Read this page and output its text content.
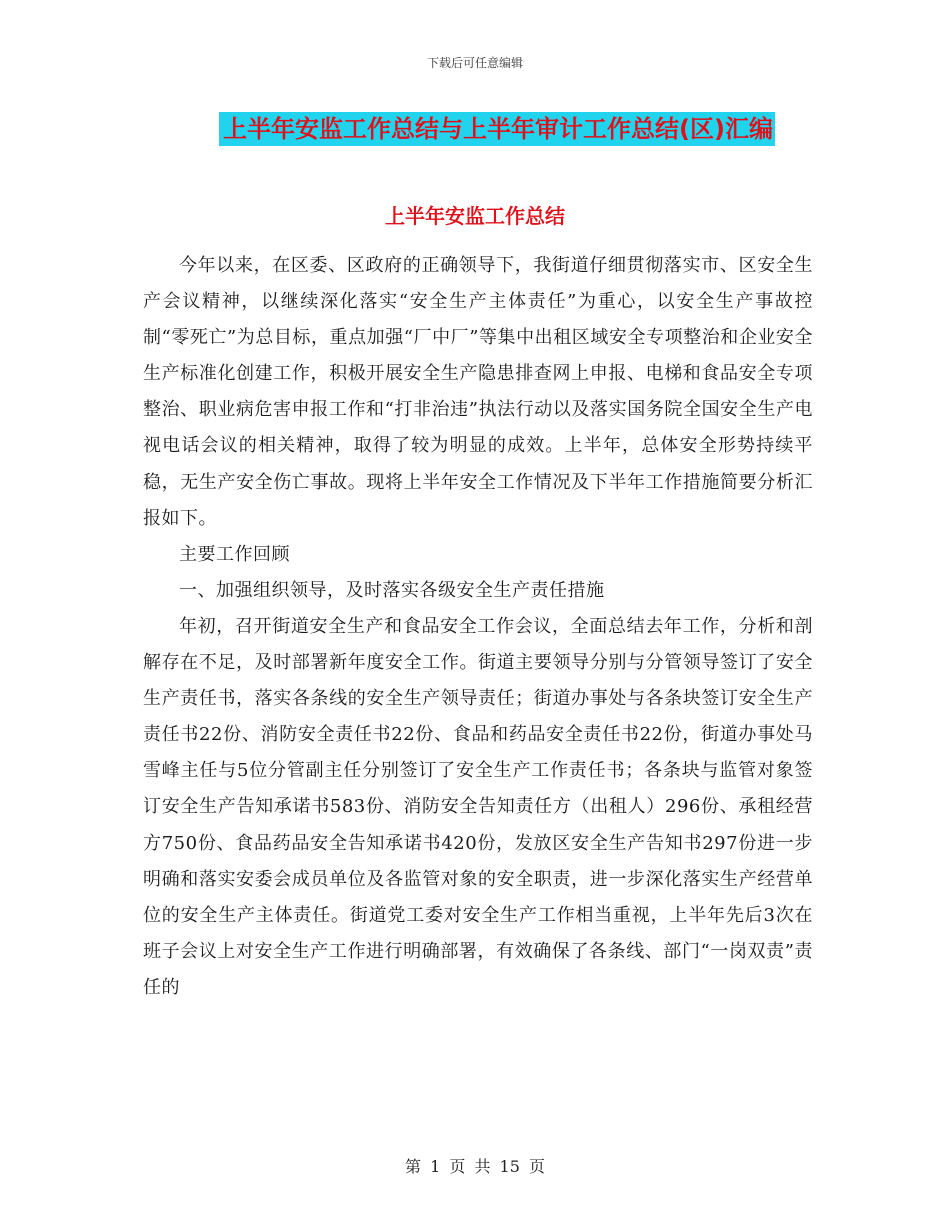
下载后可任意编辑
上半年安监工作总结与上半年审计工作总结(区)汇编
上半年安监工作总结

今年以来，在区委、区政府的正确领导下，我街道仔细贯彻落实市、区安全生产会议精神，以继续深化落实“安全生产主体责任”为重心，以安全生产事故控制“零死亡”为总目标，重点加强“厂中厂”等集中出租区域安全专项整治和企业安全生产标准化创建工作，积极开展安全生产隐患排查网上申报、电梯和食品安全专项整治、职业病危害申报工作和“打非治违”执法行动以及落实国务院全国安全生产电视电话会议的相关精神，取得了较为明显的成效。上半年，总体安全形势持续平稳，无生产安全伤亡事故。现将上半年安全工作情况及下半年工作措施简要分析汇报如下。

主要工作回顾

一、加强组织领导，及时落实各级安全生产责任措施

年初，召开街道安全生产和食品安全工作会议，全面总结去年工作，分析和剖解存在不足，及时部署新年度安全工作。街道主要领导分别与分管领导签订了安全生产责任书，落实各条线的安全生产领导责任；街道办事处与各条块签订安全生产责任书22份、消防安全责任书22份、食品和药品安全责任书22份，街道办事处马雪峰主任与5位分管副主任分别签订了安全生产工作责任书；各条块与监管对象签订安全生产告知承诺书583份、消防安全告知责任方（出租人）296份、承租经营方750份、食品药品安全告知承诺书420份，发放区安全生产告知书297份进一步明确和落实安委会成员单位及各监管对象的安全职责，进一步深化落实生产经营单位的安全生产主体责任。街道党工委对安全生产工作相当重视，上半年先后3次在班子会议上对安全生产工作进行明确部署，有效确保了各条线、部门“一岗双责”责任的

第 1 页 共 15 页
